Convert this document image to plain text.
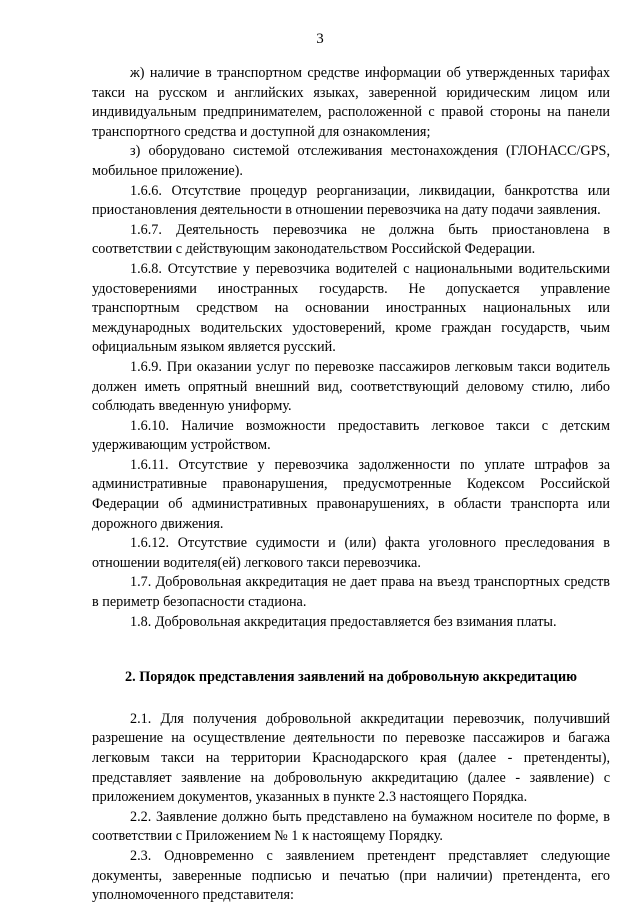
3

ж) наличие в транспортном средстве информации об утвержденных тарифах такси на русском и английских языках, заверенной юридическим лицом или индивидуальным предпринимателем, расположенной с правой стороны на панели транспортного средства и доступной для ознакомления;

з) оборудовано системой отслеживания местонахождения (ГЛОНАСС/GPS, мобильное приложение).

1.6.6. Отсутствие процедур реорганизации, ликвидации, банкротства или приостановления деятельности в отношении перевозчика на дату подачи заявления.

1.6.7. Деятельность перевозчика не должна быть приостановлена в соответствии с действующим законодательством Российской Федерации.

1.6.8. Отсутствие у перевозчика водителей с национальными водительскими удостоверениями иностранных государств. Не допускается управление транспортным средством на основании иностранных национальных или международных водительских удостоверений, кроме граждан государств, чьим официальным языком является русский.

1.6.9. При оказании услуг по перевозке пассажиров легковым такси водитель должен иметь опрятный внешний вид, соответствующий деловому стилю, либо соблюдать введенную униформу.

1.6.10. Наличие возможности предоставить легковое такси с детским удерживающим устройством.

1.6.11. Отсутствие у перевозчика задолженности по уплате штрафов за административные правонарушения, предусмотренные Кодексом Российской Федерации об административных правонарушениях, в области транспорта или дорожного движения.

1.6.12. Отсутствие судимости и (или) факта уголовного преследования в отношении водителя(ей) легкового такси перевозчика.

1.7. Добровольная аккредитация не дает права на въезд транспортных средств в периметр безопасности стадиона.

1.8. Добровольная аккредитация предоставляется без взимания платы.

2. Порядок представления заявлений на добровольную аккредитацию

2.1. Для получения добровольной аккредитации перевозчик, получивший разрешение на осуществление деятельности по перевозке пассажиров и багажа легковым такси на территории Краснодарского края (далее - претенденты), представляет заявление на добровольную аккредитацию (далее - заявление) с приложением документов, указанных в пункте 2.3 настоящего Порядка.

2.2. Заявление должно быть представлено на бумажном носителе по форме, в соответствии с Приложением № 1 к настоящему Порядку.

2.3. Одновременно с заявлением претендент представляет следующие документы, заверенные подписью и печатью (при наличии) претендента, его уполномоченного представителя:
